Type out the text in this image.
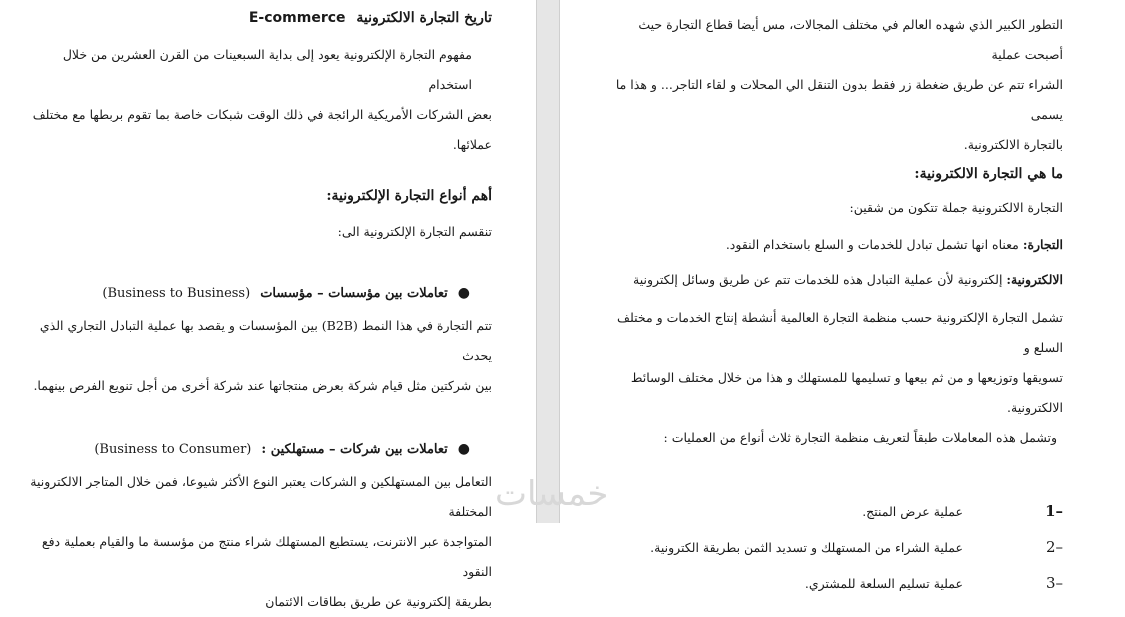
تاريخ التجارة الالكترونية E-commerce

مفهوم التجارة الإلكترونية يعود إلى بداية السبعينات من القرن العشرين من خلال استخدام

بعض الشركات الأمريكية الرائجة في ذلك الوقت شبكات خاصة بما تقوم بربطها مع مختلف

عملائها.

أهم أنواع التجارة الإلكترونية:

تنقسم التجارة الإلكترونية الى:

●
تعاملات بين مؤسسات – مؤسسات
(Business to Business)

تتم التجارة في هذا النمط (B2B) بين المؤسسات و يقصد بها عملية التبادل التجاري الذي يحدث

بين شركتين مثل قيام شركة بعرض منتجاتها عند شركة أخرى من أجل تنويع الفرص بينهما.

●
تعاملات بين شركات – مستهلكين :
(Business to Consumer)

التعامل بين المستهلكين و الشركات يعتبر النوع الأكثر شيوعا، فمن خلال المتاجر الالكترونية المختلفة

المتواجدة عبر الانترنت، يستطيع المستهلك شراء منتج من مؤسسة ما والقيام بعملية دفع النقود

بطريقة إلكترونية عن طريق بطاقات الائتمان

التطور الكبير الذي شهده العالم في مختلف المجالات، مس أيضا قطاع التجارة حيث أصبحت عملية

الشراء تتم عن طريق ضغطة زر فقط بدون التنقل الي المحلات و لقاء التاجر... و هذا ما يسمى

بالتجارة الالكترونية.

ما هي التجارة الالكترونية:

التجارة الالكترونية جملة تتكون من شقين:

التجارة: معناه انها تشمل تبادل للخدمات و السلع باستخدام النقود.

الالكترونية: إلكترونية لأن عملية التبادل هذه للخدمات تتم عن طريق وسائل إلكترونية

تشمل التجارة الإلكترونية حسب منظمة التجارة العالمية أنشطة إنتاج الخدمات و مختلف السلع و

تسويقها وتوزيعها و من ثم بيعها و تسليمها للمستهلك و هذا من خلال مختلف الوسائط

الالكترونية.

وتشمل هذه المعاملات طبقاً لتعريف منظمة التجارة ثلاث أنواع من العمليات :

–1
عملية عرض المنتج.
–2
عملية الشراء من المستهلك و تسديد الثمن بطريقة الكترونية.
–3
عملية تسليم السلعة للمشتري.
خمسات
